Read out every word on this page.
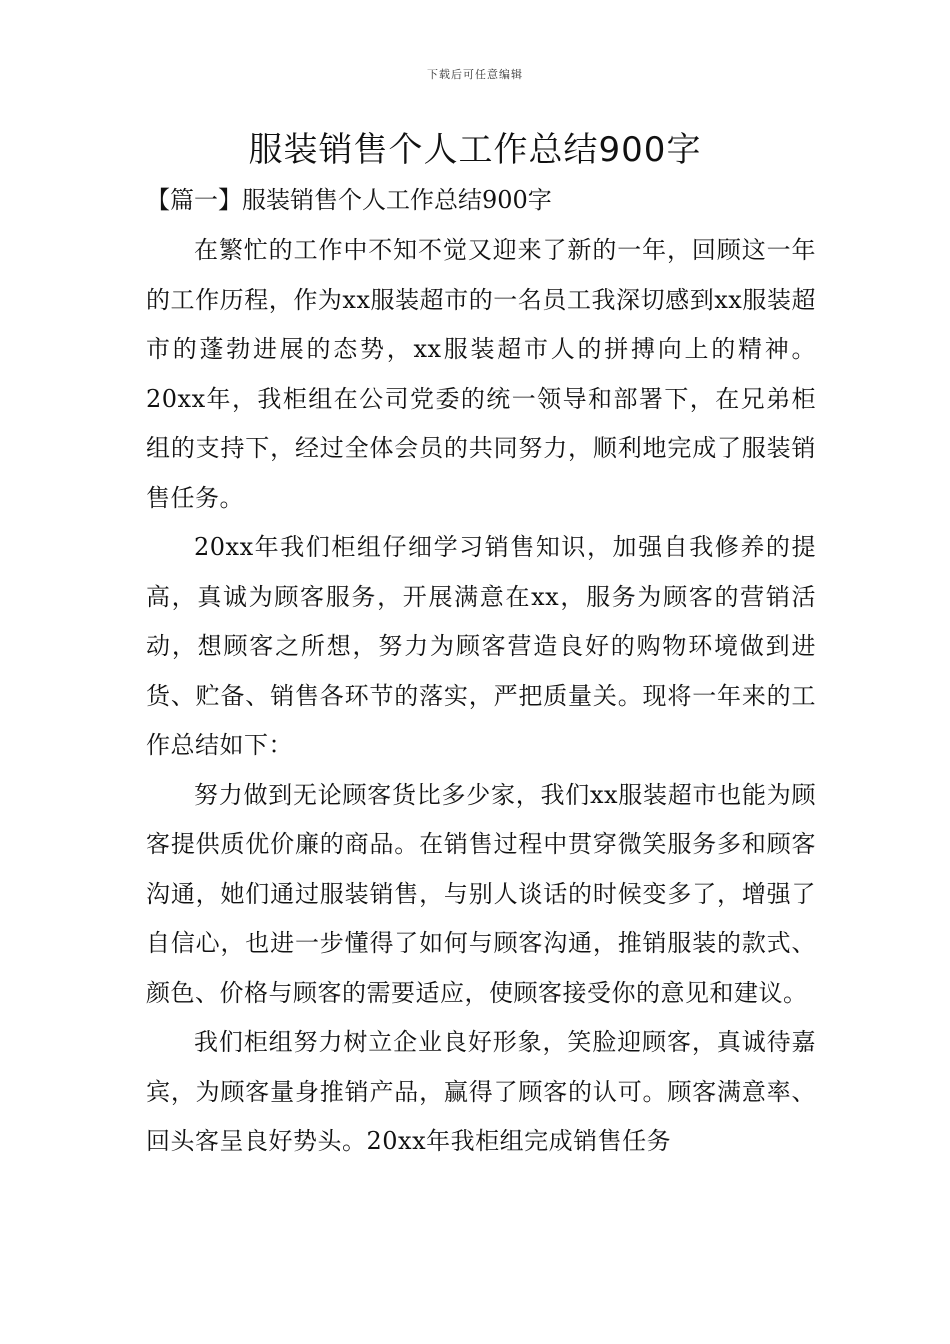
下载后可任意编辑
服装销售个人工作总结900字
【篇一】服装销售个人工作总结900字

在繁忙的工作中不知不觉又迎来了新的一年，回顾这一年的工作历程，作为xx服装超市的一名员工我深切感到xx服装超市的蓬勃进展的态势，xx服装超市人的拼搏向上的精神。20xx年，我柜组在公司党委的统一领导和部署下，在兄弟柜组的支持下，经过全体会员的共同努力，顺利地完成了服装销售任务。

20xx年我们柜组仔细学习销售知识，加强自我修养的提高，真诚为顾客服务，开展满意在xx，服务为顾客的营销活动，想顾客之所想，努力为顾客营造良好的购物环境做到进货、贮备、销售各环节的落实，严把质量关。现将一年来的工作总结如下：

努力做到无论顾客货比多少家，我们xx服装超市也能为顾客提供质优价廉的商品。在销售过程中贯穿微笑服务多和顾客沟通，她们通过服装销售，与别人谈话的时候变多了，增强了自信心，也进一步懂得了如何与顾客沟通，推销服装的款式、颜色、价格与顾客的需要适应，使顾客接受你的意见和建议。

我们柜组努力树立企业良好形象，笑脸迎顾客，真诚待嘉宾，为顾客量身推销产品，赢得了顾客的认可。顾客满意率、回头客呈良好势头。20xx年我柜组完成销售任务
